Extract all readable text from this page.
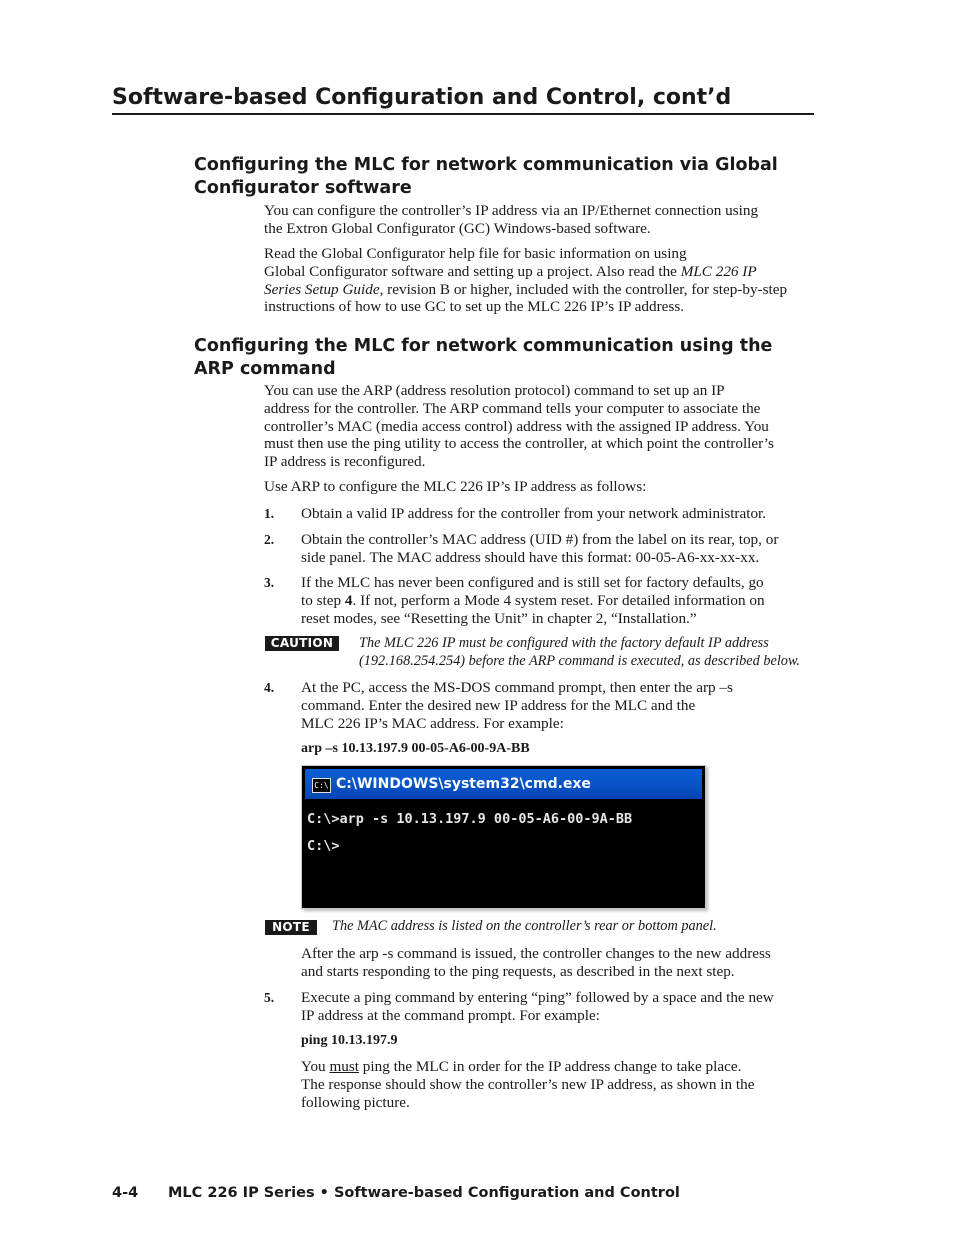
Software-based Configuration and Control, cont’d
Configuring the MLC for network communication via Global
Configurator software
You can configure the controller’s IP address via an IP/Ethernet connection using
the Extron Global Configurator (GC) Windows-based software.
Read the Global Configurator help file for basic information on using
Global Configurator software and setting up a project. Also read the MLC 226 IP
Series Setup Guide, revision B or higher, included with the controller, for step-by-step
instructions of how to use GC to set up the MLC 226 IP’s IP address.
Configuring the MLC for network communication using the
ARP command
You can use the ARP (address resolution protocol) command to set up an IP
address for the controller. The ARP command tells your computer to associate the
controller’s MAC (media access control) address with the assigned IP address. You
must then use the ping utility to access the controller, at which point the controller’s
IP address is reconfigured.
Use ARP to configure the MLC 226 IP’s IP address as follows:
1. Obtain a valid IP address for the controller from your network administrator.
2. Obtain the controller’s MAC address (UID #) from the label on its rear, top, or
side panel. The MAC address should have this format: 00-05-A6-xx-xx-xx.
3. If the MLC has never been configured and is still set for factory defaults, go
to step 4. If not, perform a Mode 4 system reset. For detailed information on
reset modes, see “Resetting the Unit” in chapter 2, “Installation.”
CAUTION	The MLC 226 IP must be configured with the factory default IP address
(192.168.254.254) before the ARP command is executed, as described below.
4. At the PC, access the MS-DOS command prompt, then enter the arp –s
command. Enter the desired new IP address for the MLC and the
MLC 226 IP’s MAC address. For example:
arp –s 10.13.197.9 00-05-A6-00-9A-BB
C:\ C:\WINDOWS\system32\cmd.exe
C:\>arp -s 10.13.197.9 00-05-A6-00-9A-BB
C:\>
NOTE	The MAC address is listed on the controller’s rear or bottom panel.
After the arp -s command is issued, the controller changes to the new address
and starts responding to the ping requests, as described in the next step.
5. Execute a ping command by entering “ping” followed by a space and the new
IP address at the command prompt. For example:
ping 10.13.197.9
You must ping the MLC in order for the IP address change to take place.
The response should show the controller’s new IP address, as shown in the
following picture.
4-4 MLC 226 IP Series • Software-based Configuration and Control
